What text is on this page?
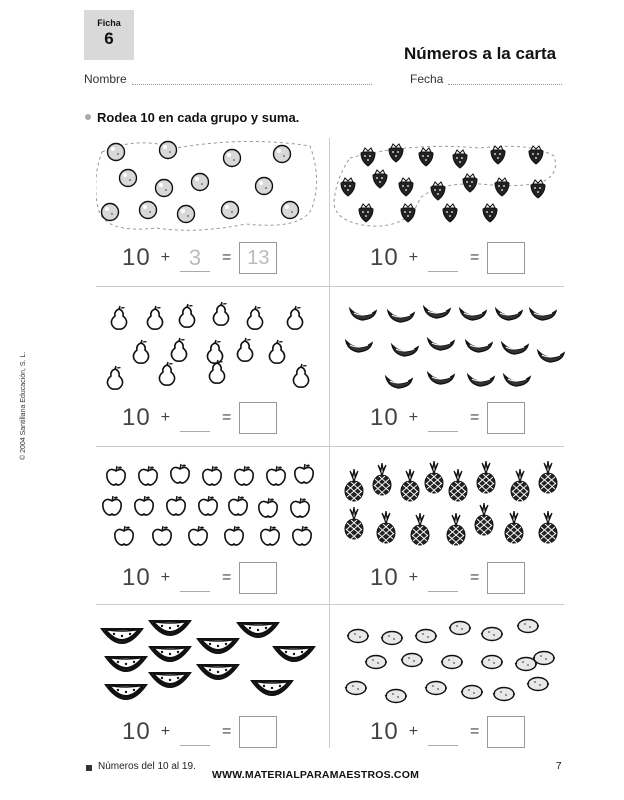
Ficha
6
Números a la carta
Nombre	Fecha
Rodea 10 en cada grupo y suma.
© 2004 Santillana Educación, S. L.
Números del 10 al 19.
WWW.MATERIALPARAMAESTROS.COM
7
10 + 3	= 13	10 +	=
10 +	=	10 +	=
10 +	=	10 +	=
10 +	=	10 +	=
